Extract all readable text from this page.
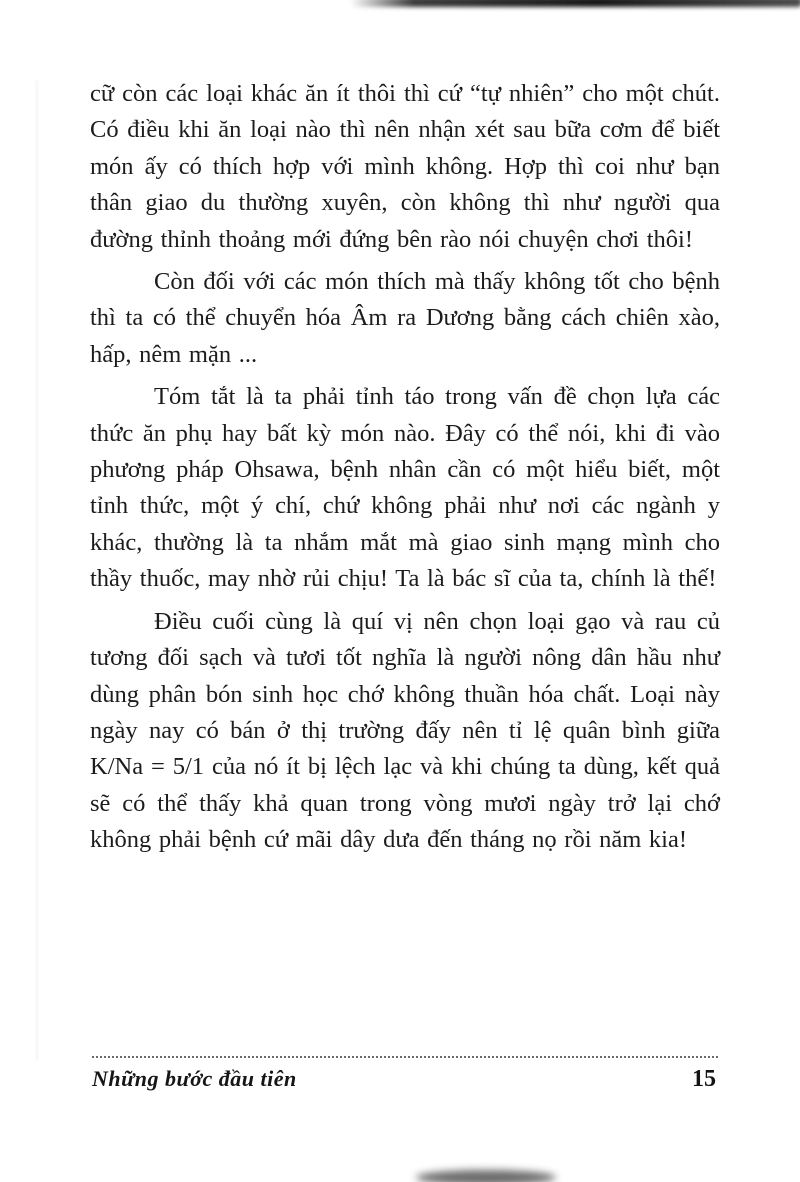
cữ còn các loại khác ăn ít thôi thì cứ “tự nhiên” cho một chút. Có điều khi ăn loại nào thì nên nhận xét sau bữa cơm để biết món ấy có thích hợp với mình không. Hợp thì coi như bạn thân giao du thường xuyên, còn không thì như người qua đường thỉnh thoảng mới đứng bên rào nói chuyện chơi thôi!

Còn đối với các món thích mà thấy không tốt cho bệnh thì ta có thể chuyển hóa Âm ra Dương bằng cách chiên xào, hấp, nêm mặn ...

Tóm tắt là ta phải tỉnh táo trong vấn đề chọn lựa các thức ăn phụ hay bất kỳ món nào. Đây có thể nói, khi đi vào phương pháp Ohsawa, bệnh nhân cần có một hiểu biết, một tỉnh thức, một ý chí, chứ không phải như nơi các ngành y khác, thường là ta nhắm mắt mà giao sinh mạng mình cho thầy thuốc, may nhờ rủi chịu! Ta là bác sĩ của ta, chính là thế!

Điều cuối cùng là quí vị nên chọn loại gạo và rau củ tương đối sạch và tươi tốt nghĩa là người nông dân hầu như dùng phân bón sinh học chớ không thuần hóa chất. Loại này ngày nay có bán ở thị trường đấy nên tỉ lệ quân bình giữa K/Na = 5/1 của nó ít bị lệch lạc và khi chúng ta dùng, kết quả sẽ có thể thấy khả quan trong vòng mươi ngày trở lại chớ không phải bệnh cứ mãi dây dưa đến tháng nọ rồi năm kia!

Những bước đầu tiên	15
